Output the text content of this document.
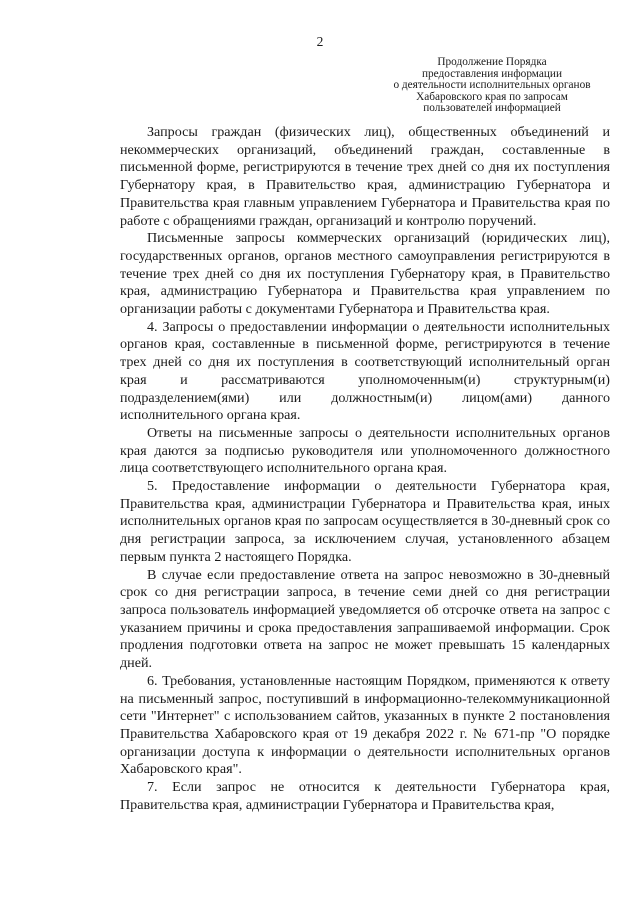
2
Продолжение Порядка
предоставления информации
о деятельности исполнительных органов
Хабаровского края по запросам
пользователей информацией

Запросы граждан (физических лиц), общественных объединений и некоммерческих организаций, объединений граждан, составленные в письменной форме, регистрируются в течение трех дней со дня их поступления Губернатору края, в Правительство края, администрацию Губернатора и Правительства края главным управлением Губернатора и Правительства края по работе с обращениями граждан, организаций и контролю поручений.

Письменные запросы коммерческих организаций (юридических лиц), государственных органов, органов местного самоуправления регистрируются в течение трех дней со дня их поступления Губернатору края, в Правительство края, администрацию Губернатора и Правительства края управлением по организации работы с документами Губернатора и Правительства края.

4. Запросы о предоставлении информации о деятельности исполнительных органов края, составленные в письменной форме, регистрируются в течение трех дней со дня их поступления в соответствующий исполнительный орган края и рассматриваются уполномоченным(и) структурным(и) подразделением(ями) или должностным(и) лицом(ами) данного исполнительного органа края.

Ответы на письменные запросы о деятельности исполнительных органов края даются за подписью руководителя или уполномоченного должностного лица соответствующего исполнительного органа края.

5. Предоставление информации о деятельности Губернатора края, Правительства края, администрации Губернатора и Правительства края, иных исполнительных органов края по запросам осуществляется в 30-дневный срок со дня регистрации запроса, за исключением случая, установленного абзацем первым пункта 2 настоящего Порядка.

В случае если предоставление ответа на запрос невозможно в 30-дневный срок со дня регистрации запроса, в течение семи дней со дня регистрации запроса пользователь информацией уведомляется об отсрочке ответа на запрос с указанием причины и срока предоставления запрашиваемой информации. Срок продления подготовки ответа на запрос не может превышать 15 календарных дней.

6. Требования, установленные настоящим Порядком, применяются к ответу на письменный запрос, поступивший в информационно-телекоммуникационной сети "Интернет" с использованием сайтов, указанных в пункте 2 постановления Правительства Хабаровского края от 19 декабря 2022 г. № 671-пр "О порядке организации доступа к информации о деятельности исполнительных органов Хабаровского края".

7. Если запрос не относится к деятельности Губернатора края, Правительства края, администрации Губернатора и Правительства края,
